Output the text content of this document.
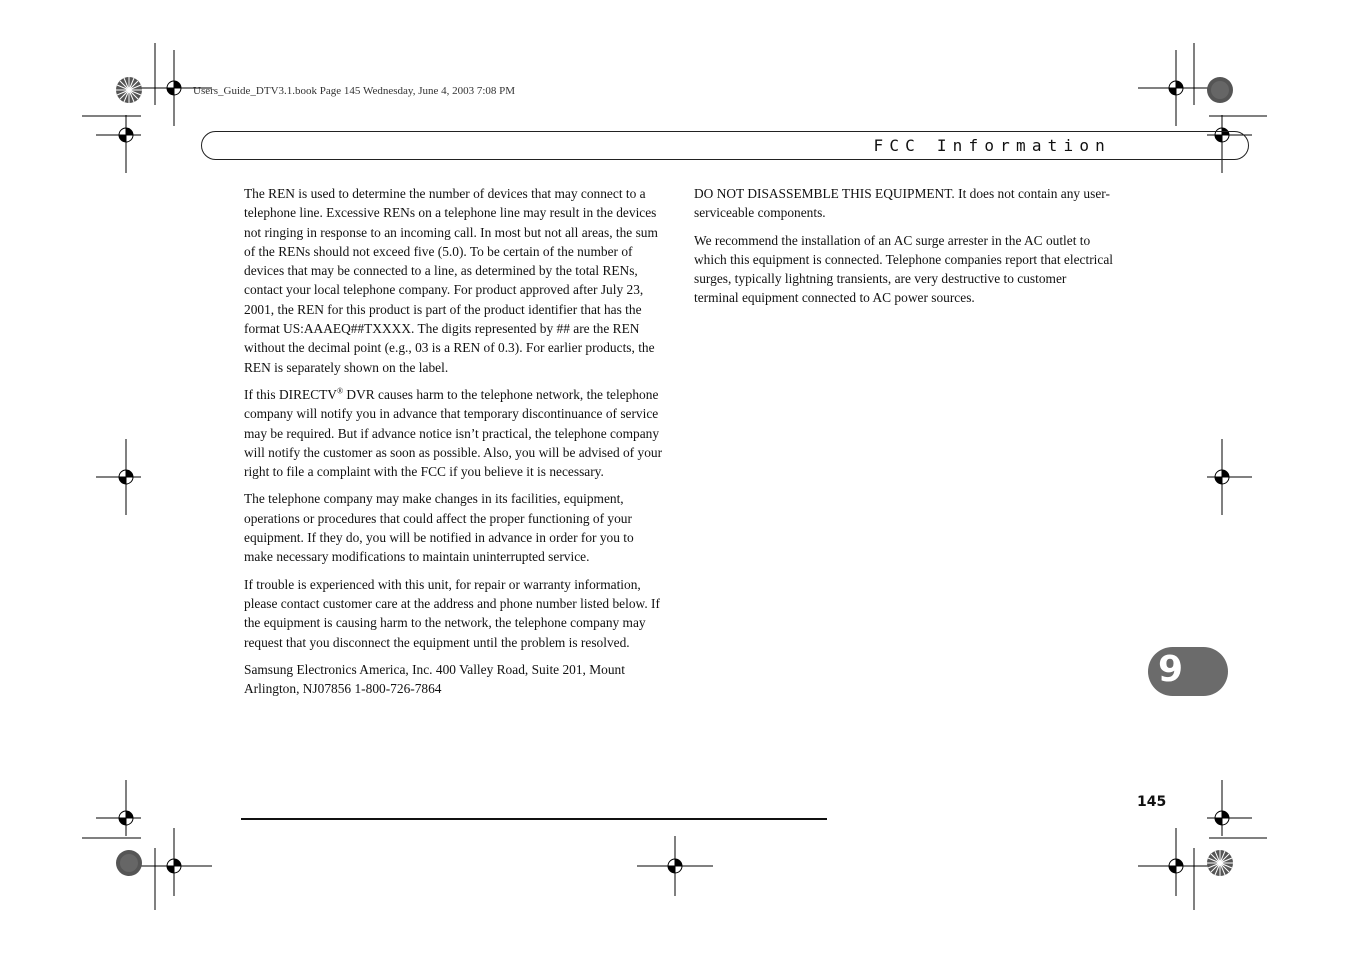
Users_Guide_DTV3.1.book Page 145 Wednesday, June 4, 2003 7:08 PM
FCC Information

The REN is used to determine the number of devices that may connect to a telephone line. Excessive RENs on a telephone line may result in the devices not ringing in response to an incoming call. In most but not all areas, the sum of the RENs should not exceed five (5.0). To be certain of the number of devices that may be connected to a line, as determined by the total RENs, contact your local telephone company. For product approved after July 23, 2001, the REN for this product is part of the product identifier that has the format US:AAAEQ##TXXXX. The digits represented by ## are the REN without the decimal point (e.g., 03 is a REN of 0.3). For earlier products, the REN is separately shown on the label.

If this DIRECTV® DVR causes harm to the telephone network, the telephone company will notify you in advance that temporary discontinuance of service may be required. But if advance notice isn’t practical, the telephone company will notify the customer as soon as possible. Also, you will be advised of your right to file a complaint with the FCC if you believe it is necessary.

The telephone company may make changes in its facilities, equipment, operations or procedures that could affect the proper functioning of your equipment. If they do, you will be notified in advance in order for you to make necessary modifications to maintain uninterrupted service.

If trouble is experienced with this unit, for repair or warranty information, please contact customer care at the address and phone number listed below. If the equipment is causing harm to the network, the telephone company may request that you disconnect the equipment until the problem is resolved.

Samsung Electronics America, Inc. 400 Valley Road, Suite 201, Mount Arlington, NJ07856 1-800-726-7864

DO NOT DISASSEMBLE THIS EQUIPMENT. It does not contain any user-serviceable components.

We recommend the installation of an AC surge arrester in the AC outlet to which this equipment is connected. Telephone companies report that electrical surges, typically lightning transients, are very destructive to customer terminal equipment connected to AC power sources.

9
145
